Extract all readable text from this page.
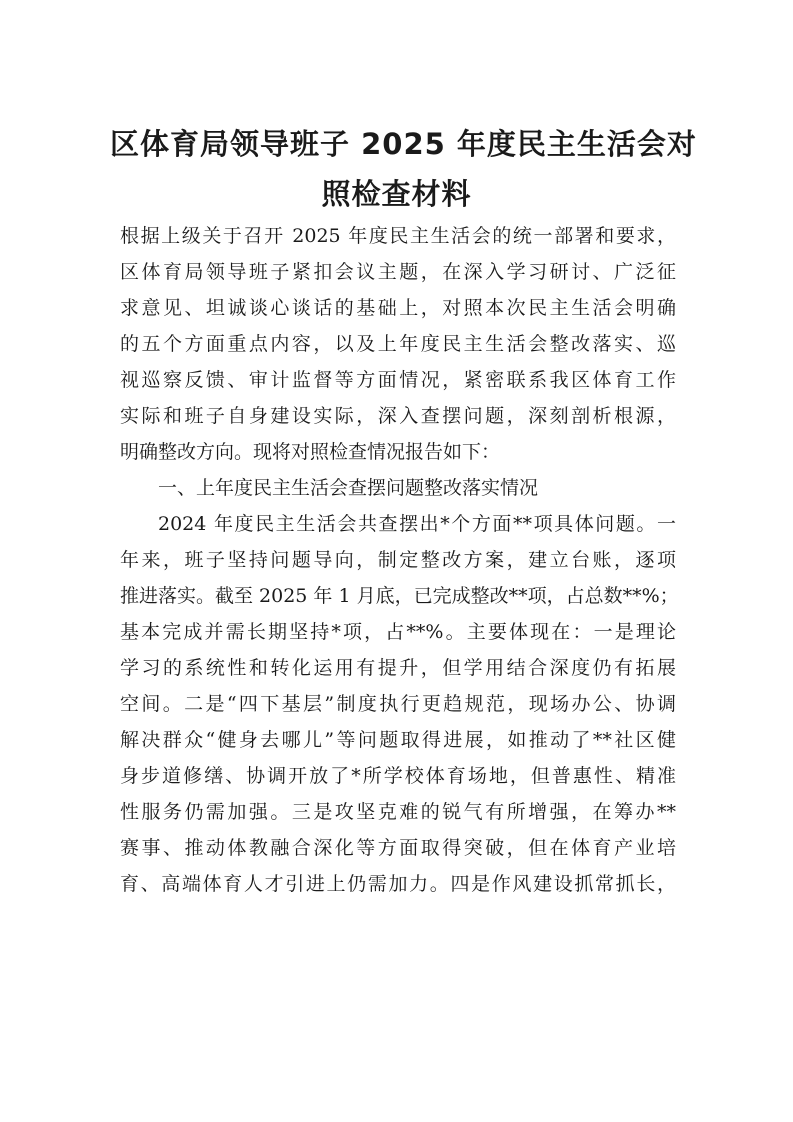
区体育局领导班子 2025 年度民主生活会对
照检查材料
根据上级关于召开 2025 年度民主生活会的统一部署和要求，
区体育局领导班子紧扣会议主题，在深入学习研讨、广泛征
求意见、坦诚谈心谈话的基础上，对照本次民主生活会明确
的五个方面重点内容，以及上年度民主生活会整改落实、巡
视巡察反馈、审计监督等方面情况，紧密联系我区体育工作
实际和班子自身建设实际，深入查摆问题，深刻剖析根源，
明确整改方向。现将对照检查情况报告如下：
一、上年度民主生活会查摆问题整改落实情况
2024 年度民主生活会共查摆出*个方面**项具体问题。一
年来，班子坚持问题导向，制定整改方案，建立台账，逐项
推进落实。截至 2025 年 1 月底，已完成整改**项，占总数**%；
基本完成并需长期坚持*项，占**%。主要体现在：一是理论
学习的系统性和转化运用有提升，但学用结合深度仍有拓展
空间。二是“四下基层”制度执行更趋规范，现场办公、协调
解决群众“健身去哪儿”等问题取得进展，如推动了**社区健
身步道修缮、协调开放了*所学校体育场地，但普惠性、精准
性服务仍需加强。三是攻坚克难的锐气有所增强，在筹办**
赛事、推动体教融合深化等方面取得突破，但在体育产业培
育、高端体育人才引进上仍需加力。四是作风建设抓常抓长，
